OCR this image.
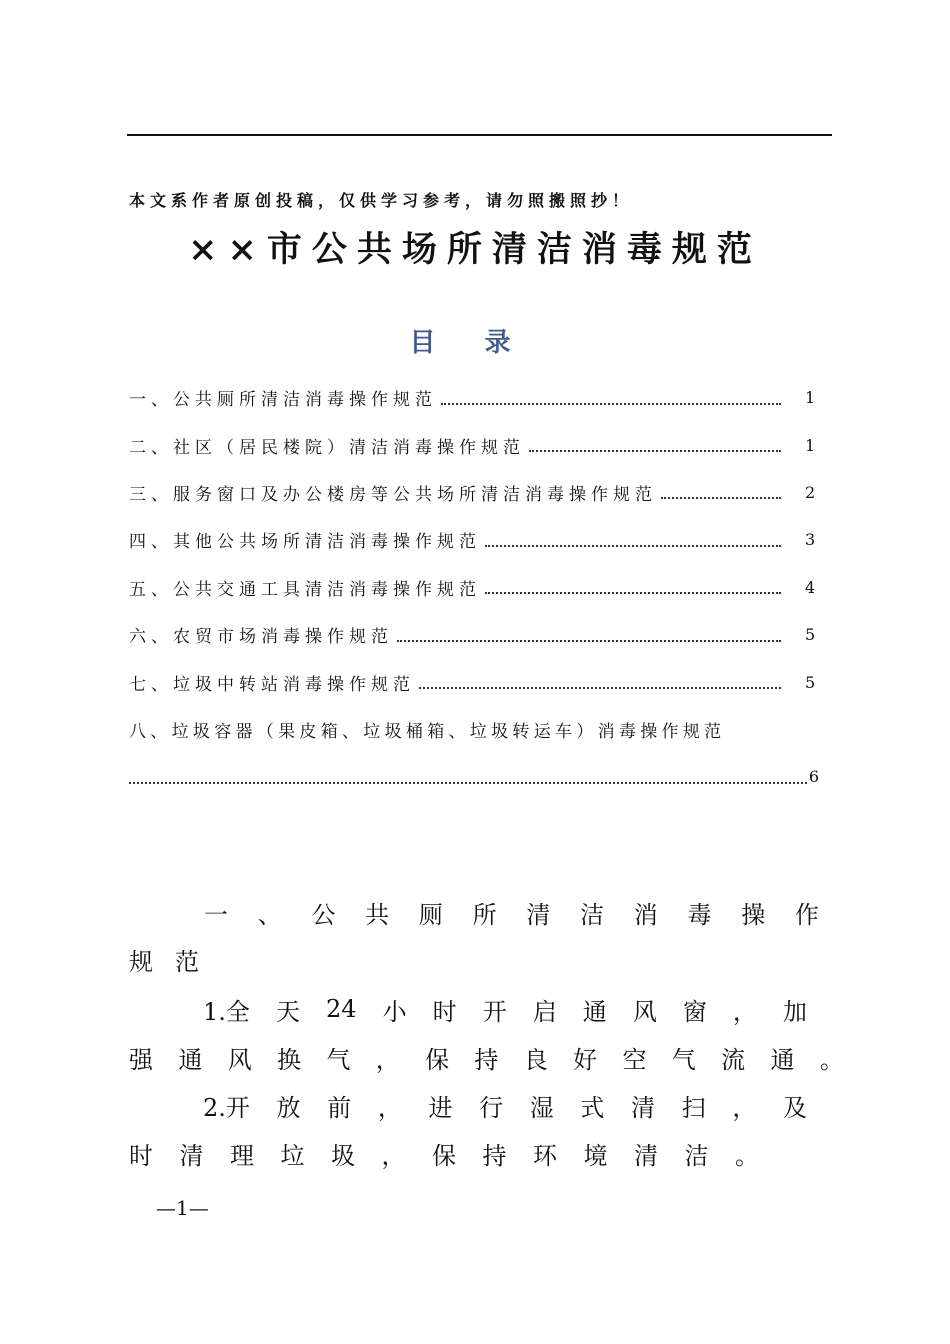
本文系作者原创投稿，仅供学习参考，请勿照搬照抄！
××市公共场所清洁消毒规范
目 录
一、公共厕所清洁消毒操作规范	1
二、社区（居民楼院）清洁消毒操作规范	1
三、服务窗口及办公楼房等公共场所清洁消毒操作规范	2
四、其他公共场所清洁消毒操作规范	3
五、公共交通工具清洁消毒操作规范	4
六、农贸市场消毒操作规范	5
七、垃圾中转站消毒操作规范	5
八、垃圾容器（果皮箱、垃圾桶箱、垃圾转运车）消毒操作规范
6
一 、 公 共 厕 所 清 洁 消 毒 操 作
规 范
1.全 天 24 小 时 开 启 通 风 窗 ， 加
强 通 风 换 气 ， 保 持 良 好 空 气 流 通 。
2.开 放 前 ， 进 行 湿 式 清 扫 ， 及
时	清	理	垃	圾	，	保	持	环	境	清	洁	。
—1—
